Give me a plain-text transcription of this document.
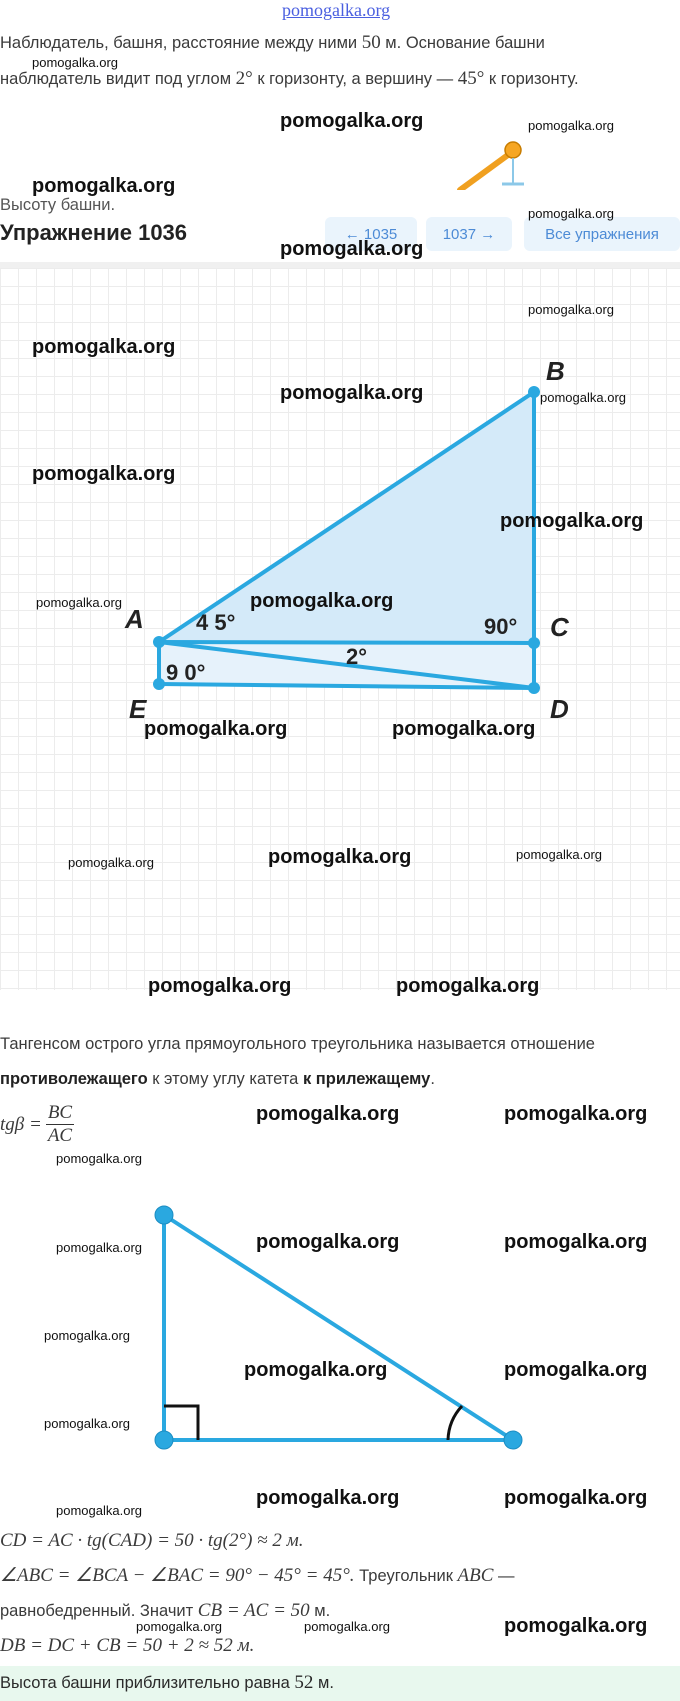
pomogalka.org
Наблюдатель, башня, расстояние между ними 50 м. Основание башни
наблюдатель видит под углом 2° к горизонту, а вершину — 45° к горизонту.
Высоту башни.
Упражнение 1036	← 1035	1037 →	Все упражнения
A
B
C
D
E
4 5°
9 0°
90°
2°
Тангенсом острого угла прямоугольного треугольника называется отношение
противолежащего к этому углу катета к прилежащему.
$tg\beta = \frac{BC}{AC}$
CD = AC · tg(CAD) = 50 · tg(2°) ≈ 2 м.
∠ABC = ∠BCA − ∠BAC = 90° − 45° = 45°. Треугольник ABC —
равнобедренный. Значит CB = AC = 50 м.
DB = DC + CB = 50 + 2 ≈ 52 м.
Высота башни приблизительно равна 52 м.
pomogalka.org
pomogalka.org	pomogalka.org
pomogalka.org
pomogalka.org
pomogalka.org
pomogalka.org
pomogalka.org
pomogalka.org	pomogalka.org
pomogalka.org
pomogalka.org
pomogalka.org	pomogalka.org
pomogalka.org	pomogalka.org
pomogalka.org	pomogalka.org	pomogalka.org
pomogalka.org	pomogalka.org
pomogalka.org	pomogalka.org
pomogalka.org
pomogalka.org	pomogalka.org	pomogalka.org
pomogalka.org
pomogalka.org	pomogalka.org
pomogalka.org
pomogalka.org
pomogalka.org	pomogalka.org
pomogalka.org	pomogalka.org	pomogalka.org
